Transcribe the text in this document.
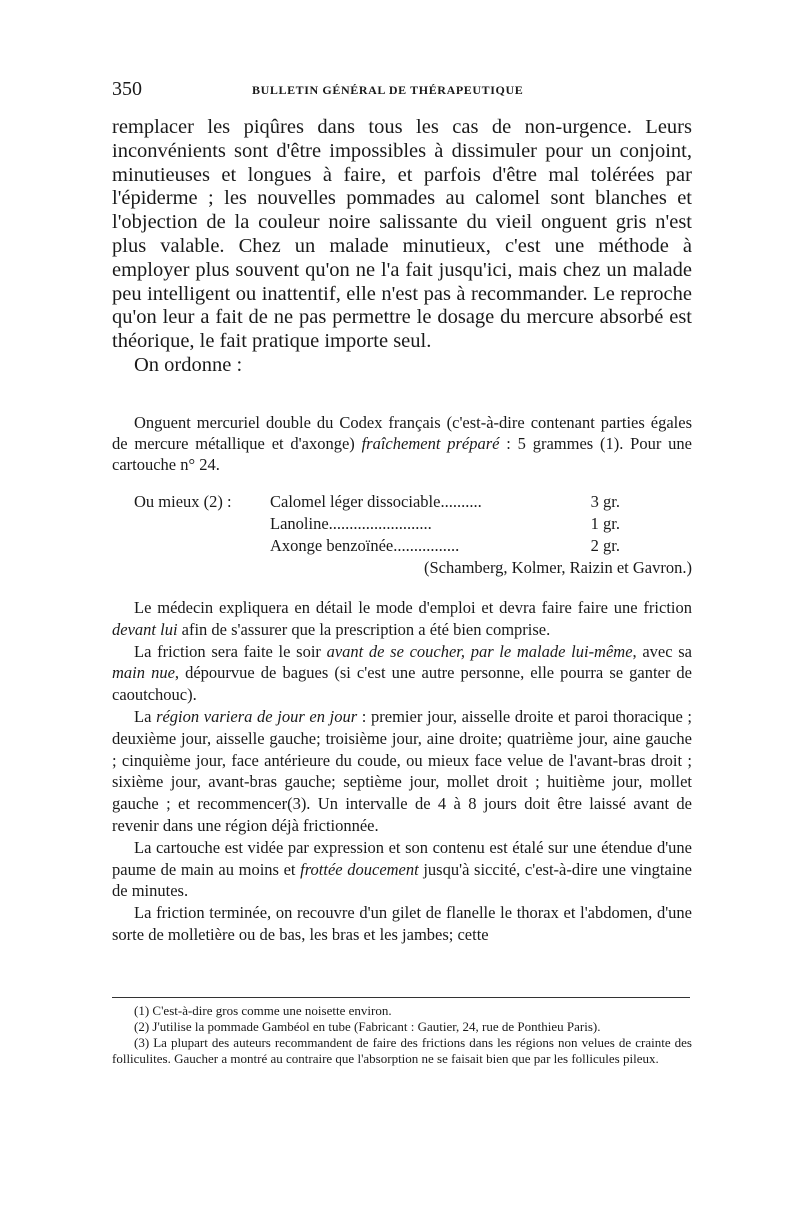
350	BULLETIN GÉNÉRAL DE THÉRAPEUTIQUE

remplacer les piqûres dans tous les cas de non-urgence. Leurs inconvénients sont d'être impossibles à dissimuler pour un conjoint, minutieuses et longues à faire, et parfois d'être mal tolérées par l'épiderme ; les nouvelles pommades au calomel sont blanches et l'objection de la couleur noire salissante du vieil onguent gris n'est plus valable. Chez un malade minutieux, c'est une méthode à employer plus souvent qu'on ne l'a fait jusqu'ici, mais chez un malade peu intelligent ou inattentif, elle n'est pas à recommander. Le reproche qu'on leur a fait de ne pas permettre le dosage du mercure absorbé est théorique, le fait pratique importe seul.

On ordonne :

Onguent mercuriel double du Codex français (c'est-à-dire contenant parties égales de mercure métallique et d'axonge) fraîchement préparé : 5 grammes (1). Pour une cartouche n° 24.

Ou mieux (2) : Calomel léger dissociable..........	3 gr.
Lanoline.........................	1 gr.
Axonge benzoïnée................	2 gr.
(Schamberg, Kolmer, Raizin et Gavron.)

Le médecin expliquera en détail le mode d'emploi et devra faire faire une friction devant lui afin de s'assurer que la prescription a été bien comprise.

La friction sera faite le soir avant de se coucher, par le malade lui-même, avec sa main nue, dépourvue de bagues (si c'est une autre personne, elle pourra se ganter de caoutchouc).

La région variera de jour en jour : premier jour, aisselle droite et paroi thoracique ; deuxième jour, aisselle gauche; troisième jour, aine droite; quatrième jour, aine gauche ; cinquième jour, face antérieure du coude, ou mieux face velue de l'avant-bras droit ; sixième jour, avant-bras gauche; septième jour, mollet droit ; huitième jour, mollet gauche ; et recommencer(3). Un intervalle de 4 à 8 jours doit être laissé avant de revenir dans une région déjà frictionnée.

La cartouche est vidée par expression et son contenu est étalé sur une étendue d'une paume de main au moins et frottée doucement jusqu'à siccité, c'est-à-dire une vingtaine de minutes.

La friction terminée, on recouvre d'un gilet de flanelle le thorax et l'abdomen, d'une sorte de molletière ou de bas, les bras et les jambes; cette

(1) C'est-à-dire gros comme une noisette environ.

(2) J'utilise la pommade Gambéol en tube (Fabricant : Gautier, 24, rue de Ponthieu Paris).

(3) La plupart des auteurs recommandent de faire des frictions dans les régions non velues de crainte des folliculites. Gaucher a montré au contraire que l'absorption ne se faisait bien que par les follicules pileux.
